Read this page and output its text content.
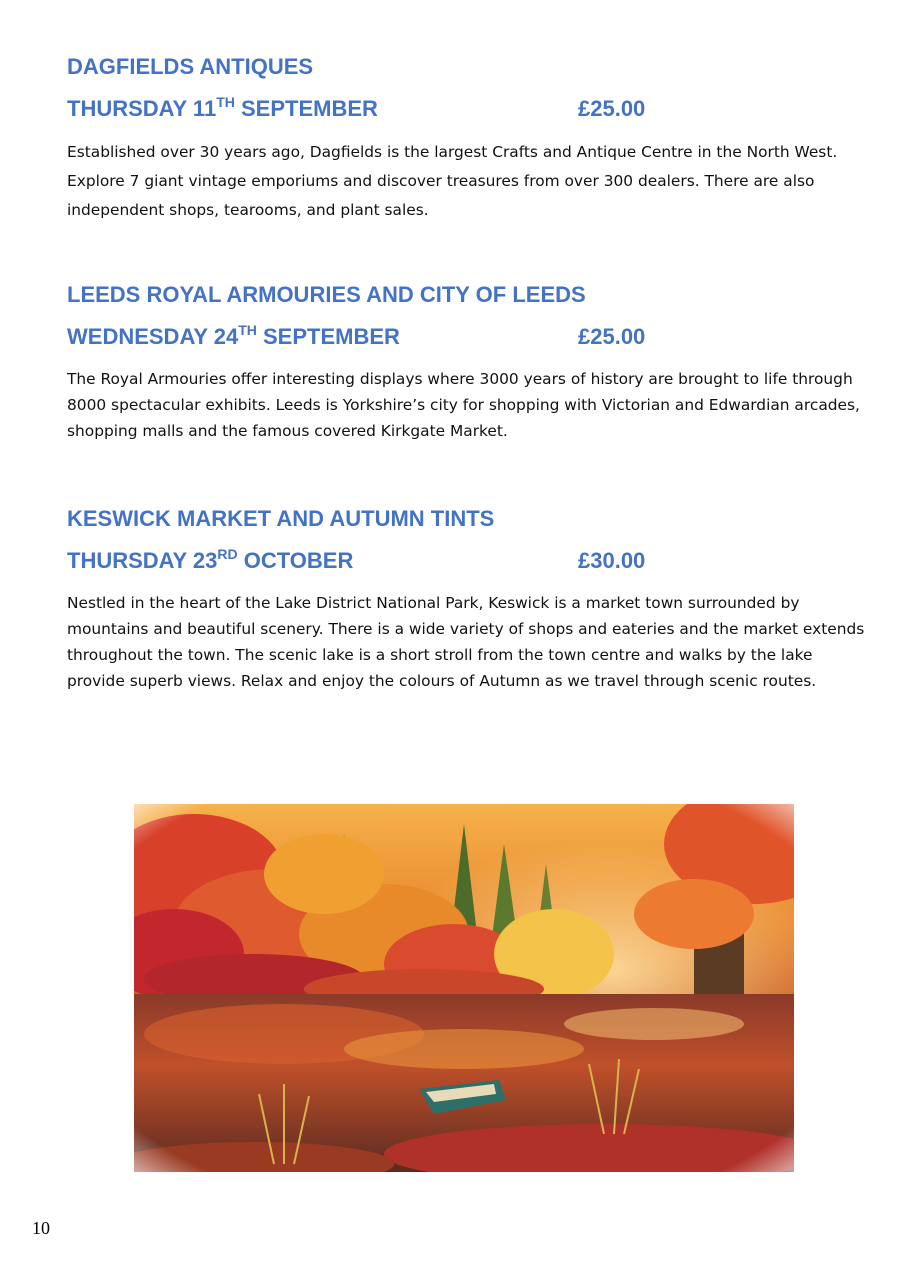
DAGFIELDS ANTIQUES
THURSDAY 11TH SEPTEMBER	£25.00

Established over 30 years ago, Dagfields is the largest Crafts and Antique Centre in the North West. Explore 7 giant vintage emporiums and discover treasures from over 300 dealers. There are also independent shops, tearooms, and plant sales.

LEEDS ROYAL ARMOURIES AND CITY OF LEEDS
WEDNESDAY 24TH SEPTEMBER	£25.00

The Royal Armouries offer interesting displays where 3000 years of history are brought to life through 8000 spectacular exhibits. Leeds is Yorkshire’s city for shopping with Victorian and Edwardian arcades, shopping malls and the famous covered Kirkgate Market.

KESWICK MARKET AND AUTUMN TINTS
THURSDAY 23RD OCTOBER	£30.00

Nestled in the heart of the Lake District National Park, Keswick is a market town surrounded by mountains and beautiful scenery. There is a wide variety of shops and eateries and the market extends throughout the town. The scenic lake is a short stroll from the town centre and walks by the lake provide superb views. Relax and enjoy the colours of Autumn as we travel through scenic routes.

10
